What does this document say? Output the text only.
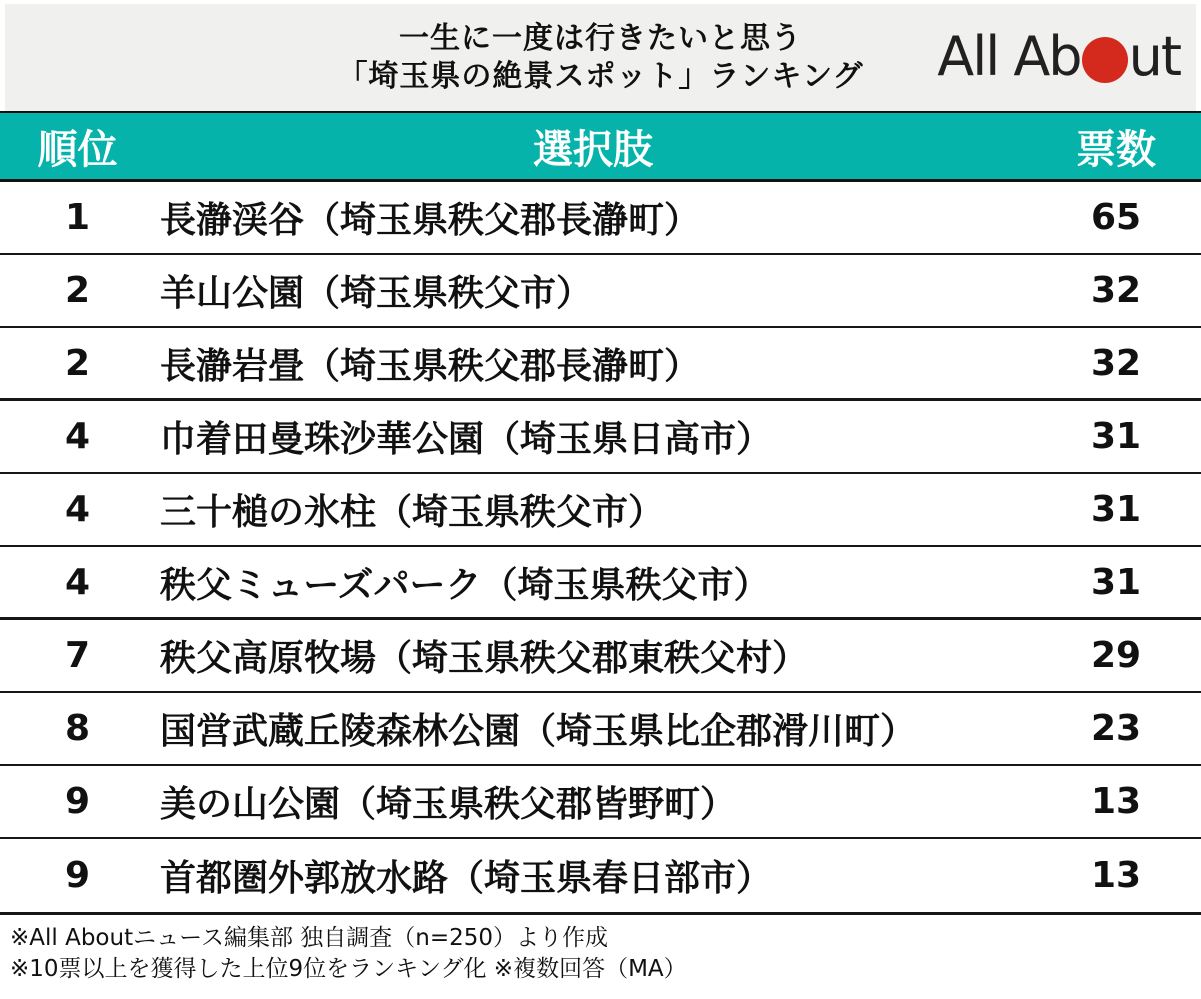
一生に一度は行きたいと思う
「埼玉県の絶景スポット」ランキング	All Ab ut
順位	選択肢	票数
1	長瀞渓谷（埼玉県秩父郡長瀞町）	65
2	羊山公園（埼玉県秩父市）	32
2	長瀞岩畳（埼玉県秩父郡長瀞町）	32
4	巾着田曼珠沙華公園（埼玉県日高市）	31
4	三十槌の氷柱（埼玉県秩父市）	31
4	秩父ミューズパーク（埼玉県秩父市）	31
7	秩父高原牧場（埼玉県秩父郡東秩父村）	29
8	国営武蔵丘陵森林公園（埼玉県比企郡滑川町）	23
9	美の山公園（埼玉県秩父郡皆野町）	13
9	首都圏外郭放水路（埼玉県春日部市）	13
※All Aboutニュース編集部 独自調査（n=250）より作成
※10票以上を獲得した上位9位をランキング化 ※複数回答（MA）
